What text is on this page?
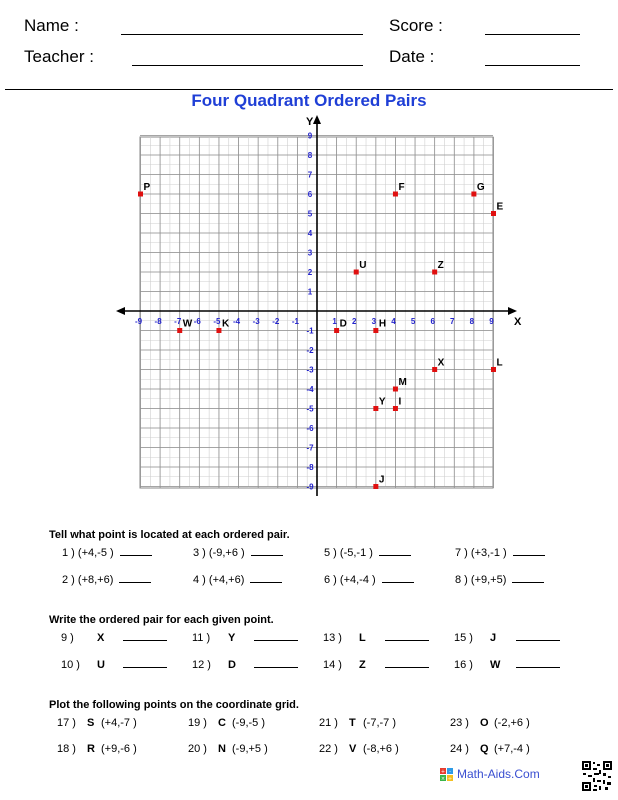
Name :	Score :
Teacher :	Date :
Four Quadrant Ordered Pairs
X
Y
-9 -8 -7 -6 -5 -4 -3 -2 -1	1 2 3 4 5 6 7 8 9
-9
-8
-7
-6
-5
-4
-3
-2
-1
1
2
3
4
5
6
7
8
9
P	F	G
E
U	Z
W	K	D	H
X	L
M
Y I
J
Tell what point is located at each ordered pair.
1 ) (+4,-5 )	3 ) (-9,+6 )	5 ) (-5,-1 )	7 ) (+3,-1 )
2 ) (+8,+6)	4 ) (+4,+6)	6 ) (+4,-4 )	8 ) (+9,+5)
Write the ordered pair for each given point.
9 ) X	11 ) Y	13 ) L	15 ) J
10 ) U	12 ) D	14 ) Z	16 ) W
Plot the following points on the coordinate grid.
17 ) S (+4,-7 )	19 ) C (-9,-5 )	21 ) T (-7,-7 )	23 ) O (-2,+6 )
18 ) R (+9,-6 )	20 ) N (-9,+5 )	22 ) V (-8,+6 )	24 ) Q (+7,-4 )
+ -
× ÷ Math-Aids.Com
